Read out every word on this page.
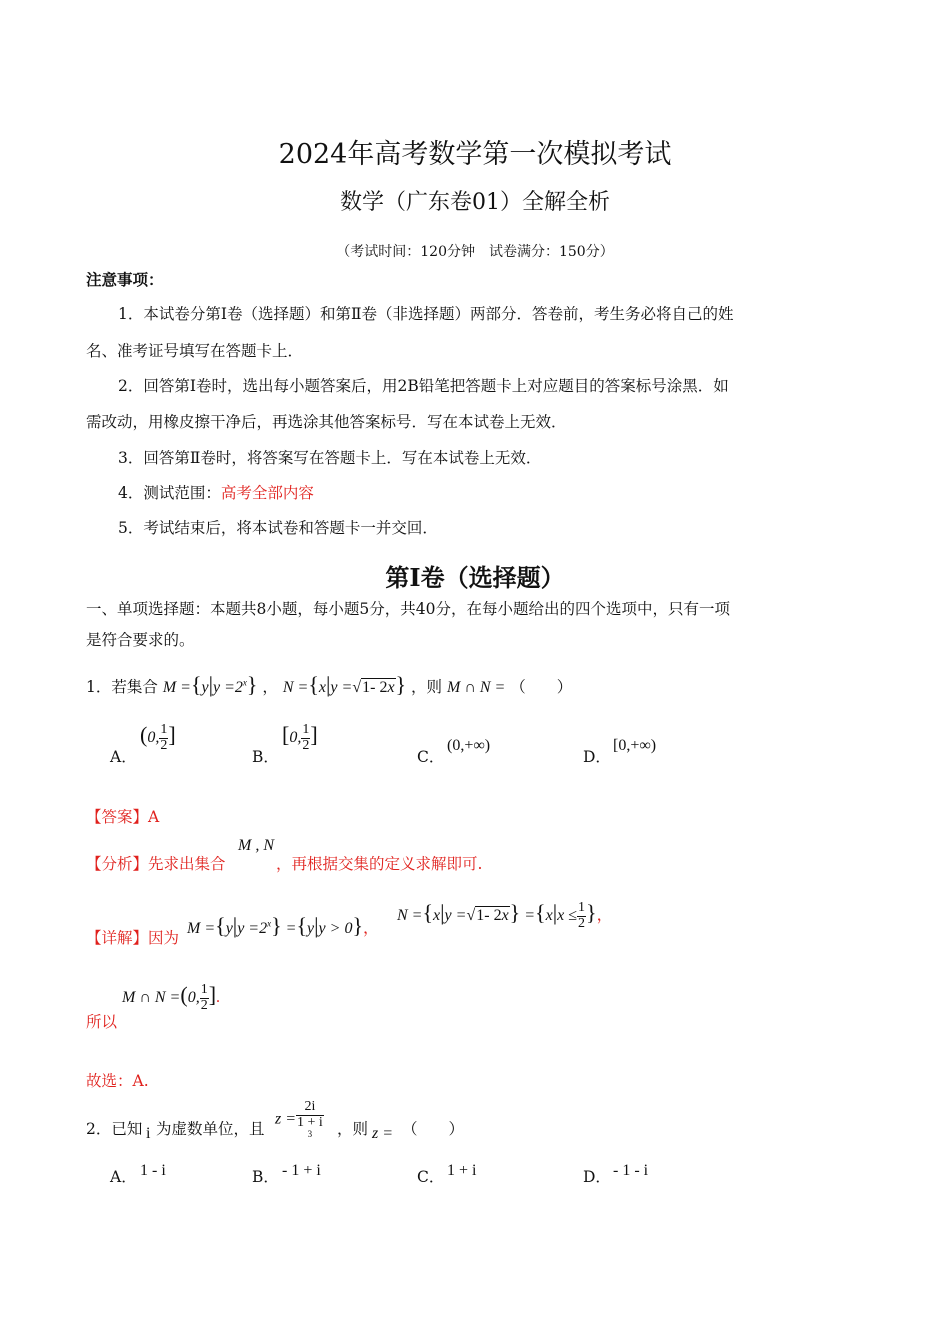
2024年高考数学第一次模拟考试
数学（广东卷01）全解全析
（考试时间：120分钟　试卷满分：150分）
注意事项：
1．本试卷分第Ⅰ卷（选择题）和第Ⅱ卷（非选择题）两部分．答卷前，考生务必将自己的姓
名、准考证号填写在答题卡上．
2．回答第Ⅰ卷时，选出每小题答案后，用2B铅笔把答题卡上对应题目的答案标号涂黑．如
需改动，用橡皮擦干净后，再选涂其他答案标号．写在本试卷上无效．
3．回答第Ⅱ卷时，将答案写在答题卡上．写在本试卷上无效．
4．测试范围：高考全部内容
5．考试结束后，将本试卷和答题卡一并交回．
第Ⅰ卷（选择题）
一、单项选择题：本题共8小题，每小题5分，共40分，在每小题给出的四个选项中，只有一项
是符合要求的。
1．若集合 $M =\{y|y =2^x\}$ ， N ={x|y =√1- 2x} ，则 M ∩ N = （　　）
A．
(0, $\frac{1}{2}$ ]
B．
[0, $\frac{1}{2}$ ]
C．
(0,+∞)
D．
[0,+∞)
【答案】A
【分析】先求出集合
M , N
，再根据交集的定义求解即可.
【详解】因为
$M =\{y|y =2^x\} =\{y|y > 0\}$，
N ={x|y =√1- $2x\} =\{x|x \le \frac{1}{2}$ }，
所以
M ∩ N =(0, $\frac{1}{2}$ ].
故选：A.
2．已知 i 为虚数单位，且
z = 2i
1 + i
3 ，则 z = （　　）
A． 1 - i	B． - 1 + i	C． 1 + i	D． - 1 - i
